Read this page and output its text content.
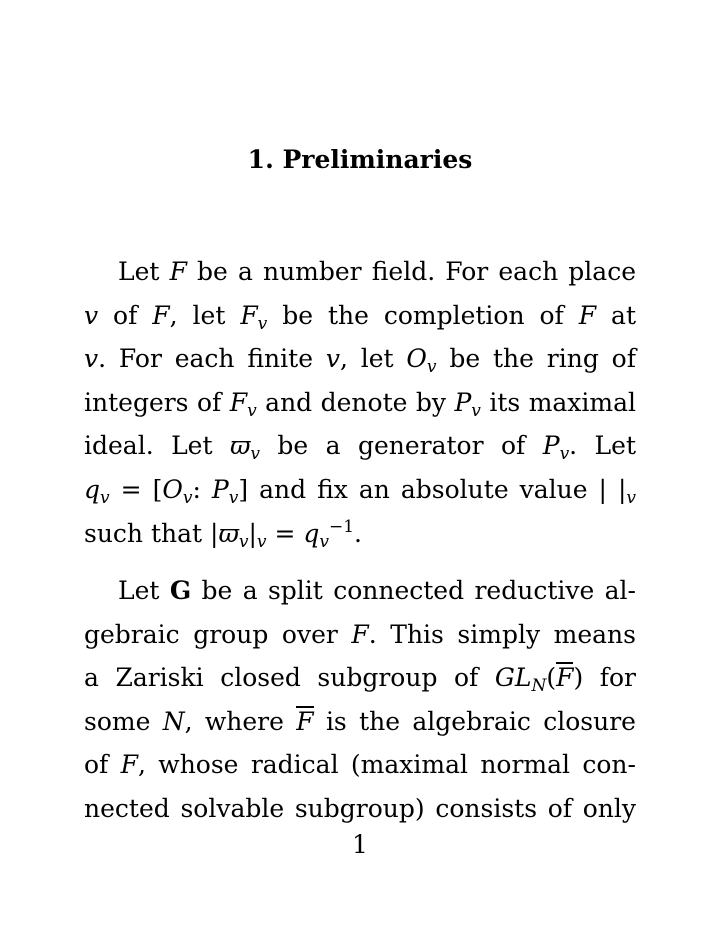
1. Preliminaries
Let F be a number field. For each place
v of F, let $F_v$ be the completion of F at
v. For each finite v, let $O_v$ be the ring of
integers of $F_v$ and denote by $P_v$ its maximal
ideal. Let $ϖ_v$ be a generator of $P_v$. Let
$q_v = [O_v$: $P_v$] and fix an absolute value | $|_v$
such that $|ϖ_v|_v = q_v^{-1}$.
Let G be a split connected reductive al-
gebraic group over F. This simply means
a Zariski closed subgroup of $GL_N(F)$ for
some N, where F is the algebraic closure
of F, whose radical (maximal normal con-
nected solvable subgroup) consists of only
1
